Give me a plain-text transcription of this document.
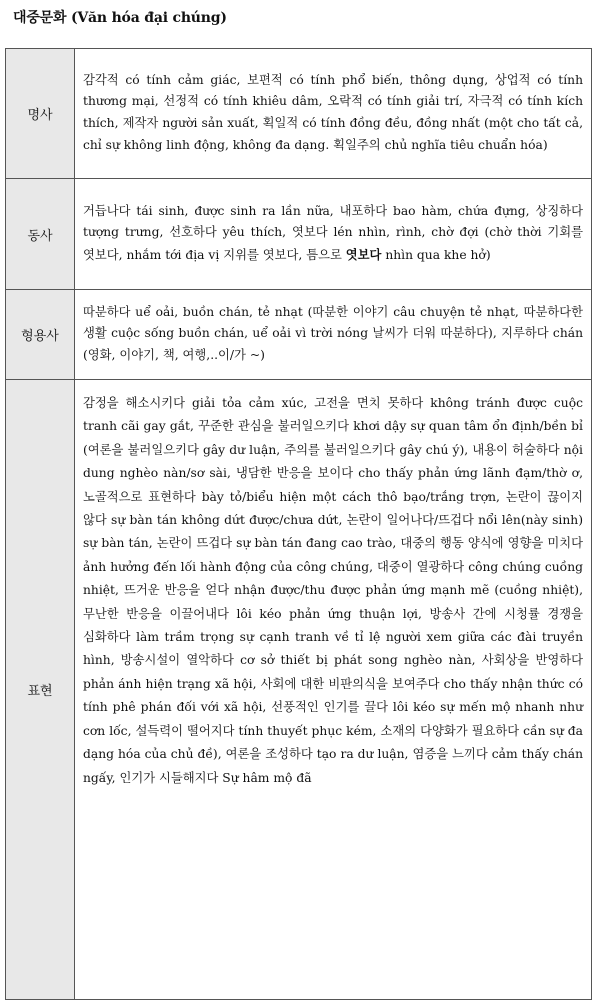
대중문화 (Văn hóa đại chúng)
명사	감각적 có tính cảm giác, 보편적 có tính phổ biến, thông dụng, 상업적 có tính thương mại, 선정적 có tính khiêu dâm, 오락적 có tính giải trí, 자극적 có tính kích thích, 제작자 người sản xuất, 획일적 có tính đồng đều, đồng nhất (một cho tất cả, chỉ sự không linh động, không đa dạng. 획일주의 chủ nghĩa tiêu chuẩn hóa)
동사	거듭나다 tái sinh, được sinh ra lần nữa, 내포하다 bao hàm, chứa đựng, 상징하다 tượng trưng, 선호하다 yêu thích, 엿보다 lén nhìn, rình, chờ đợi (chờ thời 기회를 엿보다, nhắm tới địa vị 지위를 엿보다, 틈으로 엿보다 nhìn qua khe hở)
형용사	따분하다 uể oải, buồn chán, tẻ nhạt (따분한 이야기 câu chuyện tẻ nhạt, 따분하다한 생활 cuộc sống buồn chán, uể oải vì trời nóng 날씨가 더워 따분하다), 지루하다 chán (영화, 이야기, 책, 여행,..이/가 ~)
표현	감정을 해소시키다 giải tỏa cảm xúc, 고전을 면치 못하다 không tránh được cuộc tranh cãi gay gắt, 꾸준한 관심을 불러일으키다 khơi dậy sự quan tâm ổn định/bền bỉ (여론을 불러일으키다 gây dư luận, 주의를 불러일으키다 gây chú ý), 내용이 허술하다 nội dung nghèo nàn/sơ sài, 냉담한 반응을 보이다 cho thấy phản ứng lãnh đạm/thờ ơ, 노골적으로 표현하다 bày tỏ/biểu hiện một cách thô bạo/trắng trợn, 논란이 끊이지 않다 sự bàn tán không dứt được/chưa dứt, 논란이 일어나다/뜨겁다 nổi lên(này sinh) sự bàn tán, 논란이 뜨겁다 sự bàn tán đang cao trào, 대중의 행동 양식에 영향을 미치다 ảnh hưởng đến lối hành động của công chúng, 대중이 열광하다 công chúng cuồng nhiệt, 뜨거운 반응을 얻다 nhận được/thu được phản ứng mạnh mẽ (cuồng nhiệt), 무난한 반응을 이끌어내다 lôi kéo phản ứng thuận lợi, 방송사 간에 시청률 경쟁을 심화하다 làm trầm trọng sự cạnh tranh về tỉ lệ người xem giữa các đài truyền hình, 방송시설이 열악하다 cơ sở thiết bị phát song nghèo nàn, 사회상을 반영하다 phản ánh hiện trạng xã hội, 사회에 대한 비판의식을 보여주다 cho thấy nhận thức có tính phê phán đối với xã hội, 선풍적인 인기를 끌다 lôi kéo sự mến mộ nhanh như cơn lốc, 설득력이 떨어지다 tính thuyết phục kém, 소재의 다양화가 필요하다 cần sự đa dạng hóa của chủ đề), 여론을 조성하다 tạo ra dư luận, 염증을 느끼다 cảm thấy chán ngấy, 인기가 시들해지다 Sự hâm mộ đã
